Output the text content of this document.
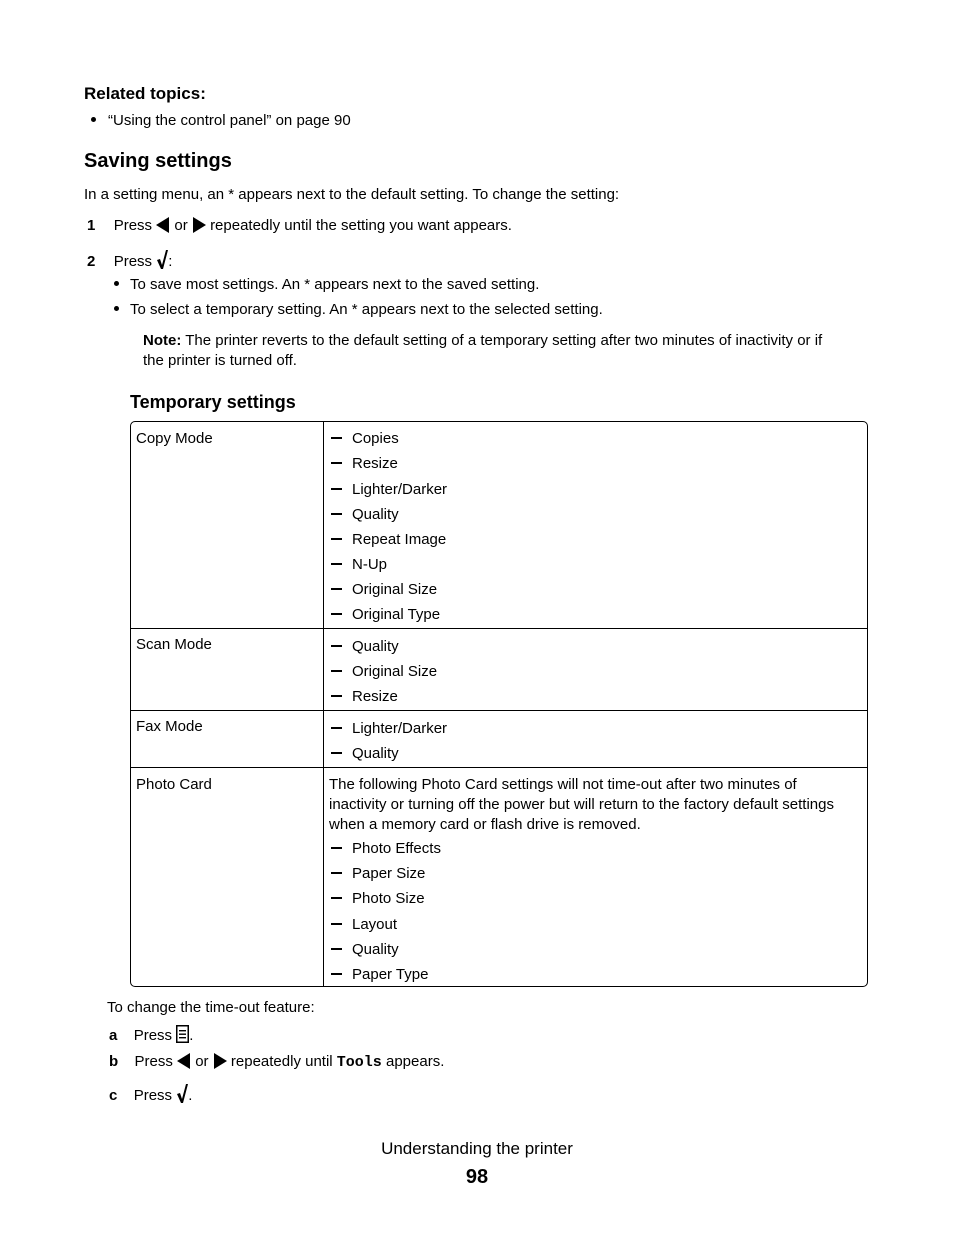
Related topics:
“Using the control panel” on page 90
Saving settings
In a setting menu, an * appears next to the default setting. To change the setting:
1 Press or repeatedly until the setting you want appears.
2 Press :
To save most settings. An * appears next to the saved setting.
To select a temporary setting. An * appears next to the selected setting.
Note: The printer reverts to the default setting of a temporary setting after two minutes of inactivity or if
the printer is turned off.
Temporary settings
Copy Mode	Copies
Resize
Lighter/Darker
Quality
Repeat Image
N-Up
Original Size
Original Type
Scan Mode	Quality
Original Size
Resize
Fax Mode	Lighter/Darker
Quality
Photo Card	The following Photo Card settings will not time-out after two minutes of
inactivity or turning off the power but will return to the factory default settings
when a memory card or flash drive is removed.
Photo Effects
Paper Size
Photo Size
Layout
Quality
Paper Type
To change the time-out feature:
a Press .
b Press or repeatedly until Tools appears.
c Press .
Understanding the printer
98
